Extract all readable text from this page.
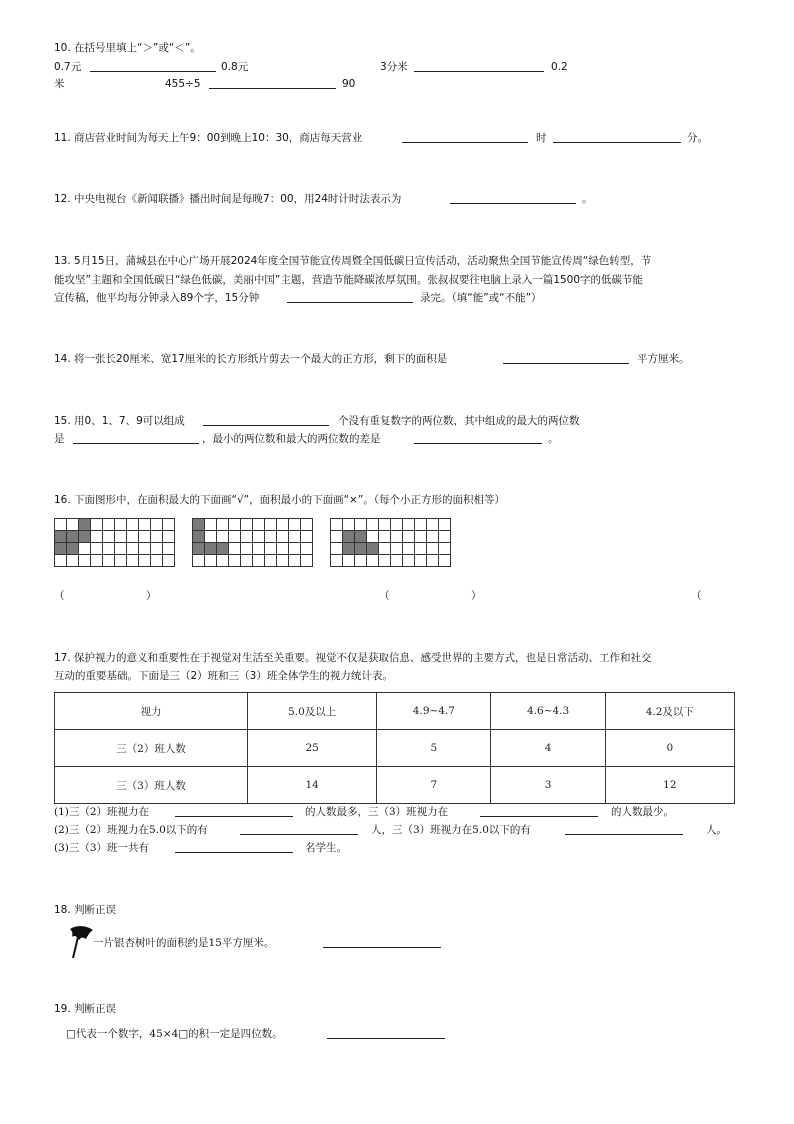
10. 在括号里填上“＞”或“＜”。
0.7元	0.8元	3分米	0.2
米	455÷5	90
11. 商店营业时间为每天上午9：00到晚上10：30，商店每天营业	时	分。
12. 中央电视台《新闻联播》播出时间是每晚7：00，用24时计时法表示为	。
13. 5月15日，蒲城县在中心广场开展2024年度全国节能宣传周暨全国低碳日宣传活动，活动聚焦全国节能宣传周“绿色转型，节
能攻坚”主题和全国低碳日“绿色低碳，美丽中国”主题，营造节能降碳浓厚氛围。张叔叔要往电脑上录入一篇1500字的低碳节能
宣传稿，他平均每分钟录入89个字，15分钟	录完。（填“能”或“不能”）
14. 将一张长20厘米、宽17厘米的长方形纸片剪去一个最大的正方形，剩下的面积是	平方厘米。
15. 用0、1、7、9可以组成	个没有重复数字的两位数，其中组成的最大的两位数
是	，最小的两位数和最大的两位数的差是	。
16. 下面图形中，在面积最大的下面画“√”，面积最小的下面画“×”。（每个小正方形的面积相等）
（	）	（	）	（
17. 保护视力的意义和重要性在于视觉对生活至关重要。视觉不仅是获取信息、感受世界的主要方式，也是日常活动、工作和社交
互动的重要基础。下面是三（2）班和三（3）班全体学生的视力统计表。
视力	5.0及以上	4.9~4.7	4.6~4.3	4.2及以下
三（2）班人数	25	5	4	0
三（3）班人数	14	7	3	12
(1)三（2）班视力在	的人数最多，三（3）班视力在	的人数最少。
(2)三（2）班视力在5.0以下的有	人，三（3）班视力在5.0以下的有	人。
(3)三（3）班一共有	名学生。
18. 判断正误
一片银杏树叶的面积约是15平方厘米。
19. 判断正误
□代表一个数字，45×4□的积一定是四位数。
